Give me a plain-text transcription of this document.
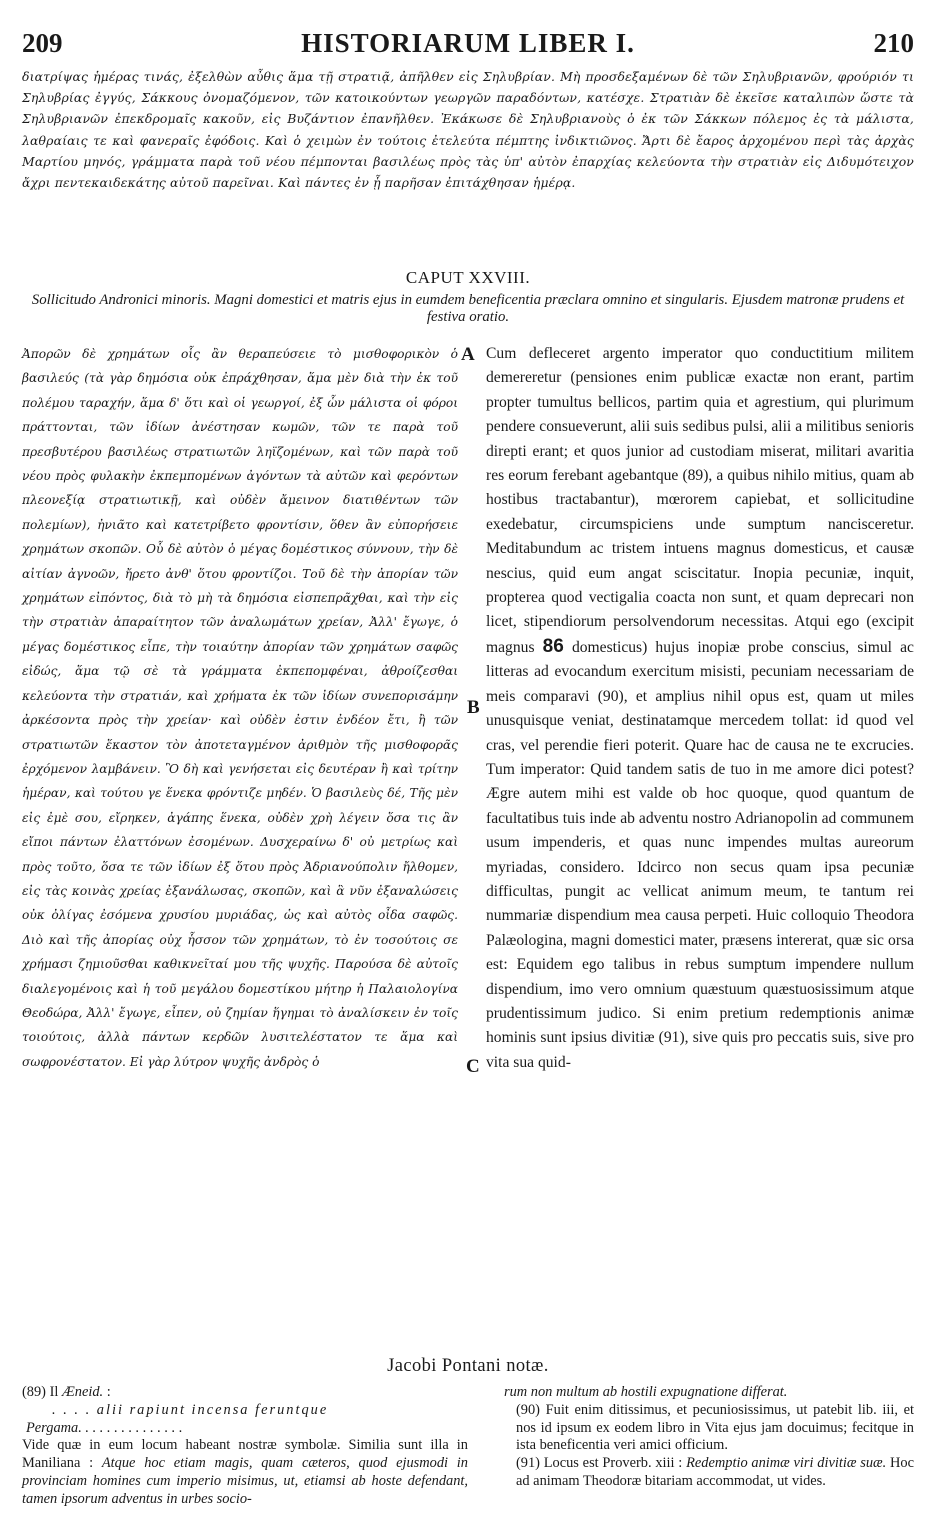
209	HISTORIARUM LIBER I.	210
διατρίψας ἡμέρας τινάς, ἐξελθὼν αὖθις ἅμα τῇ στρατιᾷ, ἀπῆλθεν εἰς Σηλυβρίαν. Μὴ προσδεξαμένων δὲ τῶν Σηλυβριανῶν, φρούριόν τι Σηλυβρίας ἐγγύς, Σάκκους ὀνομαζόμενον, τῶν κατοικούντων γεωργῶν παραδόντων, κατέσχε. Στρατιὰν δὲ ἐκεῖσε καταλιπὼν ὥστε τὰ Σηλυβριανῶν ἐπεκδρομαῖς κακοῦν, εἰς Βυζάντιον ἐπανῆλθεν. Ἐκάκωσε δὲ Σηλυβριανοὺς ὁ ἐκ τῶν Σάκκων πόλεμος ἐς τὰ μάλιστα, λαθραίαις τε καὶ φανεραῖς ἐφόδοις. Καὶ ὁ χειμὼν ἐν τούτοις ἐτελεύτα πέμπτης ἰνδικτιῶνος. Ἄρτι δὲ ἔαρος ἀρχομένου περὶ τὰς ἀρχὰς Μαρτίου μηνός, γράμματα παρὰ τοῦ νέου πέμπονται βασιλέως πρὸς τὰς ὑπ' αὐτὸν ἐπαρχίας κελεύοντα τὴν στρατιὰν εἰς Διδυμότειχον ἄχρι πεντεκαιδεκάτης αὐτοῦ παρεῖναι. Καὶ πάντες ἐν ᾗ παρῆσαν ἐπιτάχθησαν ἡμέρᾳ.
CAPUT XXVIII.
Sollicitudo Andronici minoris. Magni domestici et matris ejus in eumdem beneficentia præclara omnino et singularis. Ejusdem matronæ prudens et festiva oratio.
Ἀπορῶν δὲ χρημάτων οἷς ἂν θεραπεύσειε τὸ μισθοφορικὸν ὁ βασιλεύς (τὰ γὰρ δημόσια οὐκ ἐπράχθησαν, ἅμα μὲν διὰ τὴν ἐκ τοῦ πολέμου ταραχήν, ἅμα δ' ὅτι καὶ οἱ γεωργοί, ἐξ ὧν μάλιστα οἱ φόροι πράττονται, τῶν ἰδίων ἀνέστησαν κωμῶν, τῶν τε παρὰ τοῦ πρεσβυτέρου βασιλέως στρατιωτῶν ληϊζομένων, καὶ τῶν παρὰ τοῦ νέου πρὸς φυλακὴν ἐκπεμπομένων ἀγόντων τὰ αὐτῶν καὶ φερόντων πλεονεξίᾳ στρατιωτικῇ, καὶ οὐδὲν ἄμεινον διατιθέντων τῶν πολεμίων), ἠνιᾶτο καὶ κατετρίβετο φροντίσιν, ὅθεν ἂν εὐπορήσειε χρημάτων σκοπῶν. Οὗ δὲ αὐτὸν ὁ μέγας δομέστικος σύννουν, τὴν δὲ αἰτίαν ἀγνοῶν, ἤρετο ἀνθ' ὅτου φροντίζοι. Τοῦ δὲ τὴν ἀπορίαν τῶν χρημάτων εἰπόντος, διὰ τὸ μὴ τὰ δημόσια εἰσπεπρᾶχθαι, καὶ τὴν εἰς τὴν στρατιὰν ἀπαραίτητον τῶν ἀναλωμάτων χρείαν, Ἀλλ' ἔγωγε, ὁ μέγας δομέστικος εἶπε, τὴν τοιαύτην ἀπορίαν τῶν χρημάτων σαφῶς εἰδώς, ἅμα τῷ σὲ τὰ γράμματα ἐκπεπομφέναι, ἀθροίζεσθαι κελεύοντα τὴν στρατιάν, καὶ χρήματα ἐκ τῶν ἰδίων συνεπορισάμην ἀρκέσοντα πρὸς τὴν χρείαν· καὶ οὐδὲν ἐστιν ἐνδέον ἔτι, ἢ τῶν στρατιωτῶν ἕκαστον τὸν ἀποτεταγμένον ἀριθμὸν τῆς μισθοφορᾶς ἐρχόμενον λαμβάνειν. Ὃ δὴ καὶ γενήσεται εἰς δευτέραν ἢ καὶ τρίτην ἡμέραν, καὶ τούτου γε ἕνεκα φρόντιζε μηδέν. Ὁ βασιλεὺς δέ, Τῆς μὲν εἰς ἐμὲ σου, εἴρηκεν, ἀγάπης ἕνεκα, οὐδὲν χρὴ λέγειν ὅσα τις ἂν εἴποι πάντων ἐλαττόνων ἐσομένων. Δυσχεραίνω δ' οὐ μετρίως καὶ πρὸς τοῦτο, ὅσα τε τῶν ἰδίων ἐξ ὅτου πρὸς Ἀδριανούπολιν ἤλθομεν, εἰς τὰς κοινὰς χρείας ἐξανάλωσας, σκοπῶν, καὶ ἃ νῦν ἐξαναλώσεις οὐκ ὀλίγας ἐσόμενα χρυσίου μυριάδας, ὡς καὶ αὐτὸς οἶδα σαφῶς. Διὸ καὶ τῆς ἀπορίας οὐχ ἧσσον τῶν χρημάτων, τὸ ἐν τοσούτοις σε χρήμασι ζημιοῦσθαι καθικνεῖταί μου τῆς ψυχῆς. Παρούσα δὲ αὐτοῖς διαλεγομένοις καὶ ἡ τοῦ μεγάλου δομεστίκου μήτηρ ἡ Παλαιολογίνα Θεοδώρα, Ἀλλ' ἔγωγε, εἶπεν, οὐ ζημίαν ἥγημαι τὸ ἀναλίσκειν ἐν τοῖς τοιούτοις, ἀλλὰ πάντων κερδῶν λυσιτελέστατον τε ἅμα καὶ σωφρονέστατον. Εἰ γὰρ λύτρον ψυχῆς ἀνδρὸς ὁ
A
B
C
Cum defleceret argento imperator quo conductitium militem demereretur (pensiones enim publicæ exactæ non erant, partim propter tumultus bellicos, partim quia et agrestium, qui plurimum pendere consueverunt, alii suis sedibus pulsi, alii a militibus senioris direpti erant; et quos junior ad custodiam miserat, militari avaritia res eorum ferebant agebantque (89), a quibus nihilo mitius, quam ab hostibus tractabantur), mœrorem capiebat, et sollicitudine exedebatur, circumspiciens unde sumptum nancisceretur. Meditabundum ac tristem intuens magnus domesticus, et causæ nescius, quid eum angat sciscitatur. Inopia pecuniæ, inquit, propterea quod vectigalia coacta non sunt, et quam deprecari non licet, stipendiorum persolvendorum necessitas. Atqui ego (excipit magnus 86 domesticus) hujus inopiæ probe conscius, simul ac litteras ad evocandum exercitum misisti, pecuniam necessariam de meis comparavi (90), et amplius nihil opus est, quam ut miles unusquisque veniat, destinatamque mercedem tollat: id quod vel cras, vel perendie fieri poterit. Quare hac de causa ne te excrucies. Tum imperator: Quid tandem satis de tuo in me amore dici potest? Ægre autem mihi est valde ob hoc quoque, quod quantum de facultatibus tuis inde ab adventu nostro Adrianopolin ad communem usum impenderis, et quas nunc impendes multas aureorum myriadas, considero. Idcirco non secus quam ipsa pecuniæ difficultas, pungit ac vellicat animum meum, te tantum rei nummariæ dispendium mea causa perpeti. Huic colloquio Theodora Palæologina, magni domestici mater, præsens intererat, quæ sic orsa est: Equidem ego talibus in rebus sumptum impendere nullum dispendium, imo vero omnium quæstuum quæstuosissimum atque prudentissimum judico. Si enim pretium redemptionis animæ hominis sunt ipsius divitiæ (91), sive quis pro peccatis suis, sive pro vita sua quid-
Jacobi Pontani notæ.

(89) Il Æneid. :

. . . . alii rapiunt incensa feruntque

Pergama. . . . . . . . . . . . . . .

Vide quæ in eum locum habeant nostræ symbolæ. Similia sunt illa in Maniliana : Atque hoc etiam magis, quam cæteros, quod ejusmodi in provinciam homines cum imperio misimus, ut, etiamsi ab hoste defendant, tamen ipsorum adventus in urbes socio-

rum non multum ab hostili expugnatione differat.

(90) Fuit enim ditissimus, et pecuniosissimus, ut patebit lib. iii, et nos id ipsum ex eodem libro in Vita ejus jam docuimus; fecitque in ista beneficentia veri amici officium.

(91) Locus est Proverb. xiii : Redemptio animæ viri divitiæ suæ. Hoc ad animam Theodoræ bitariam accommodat, ut vides.
